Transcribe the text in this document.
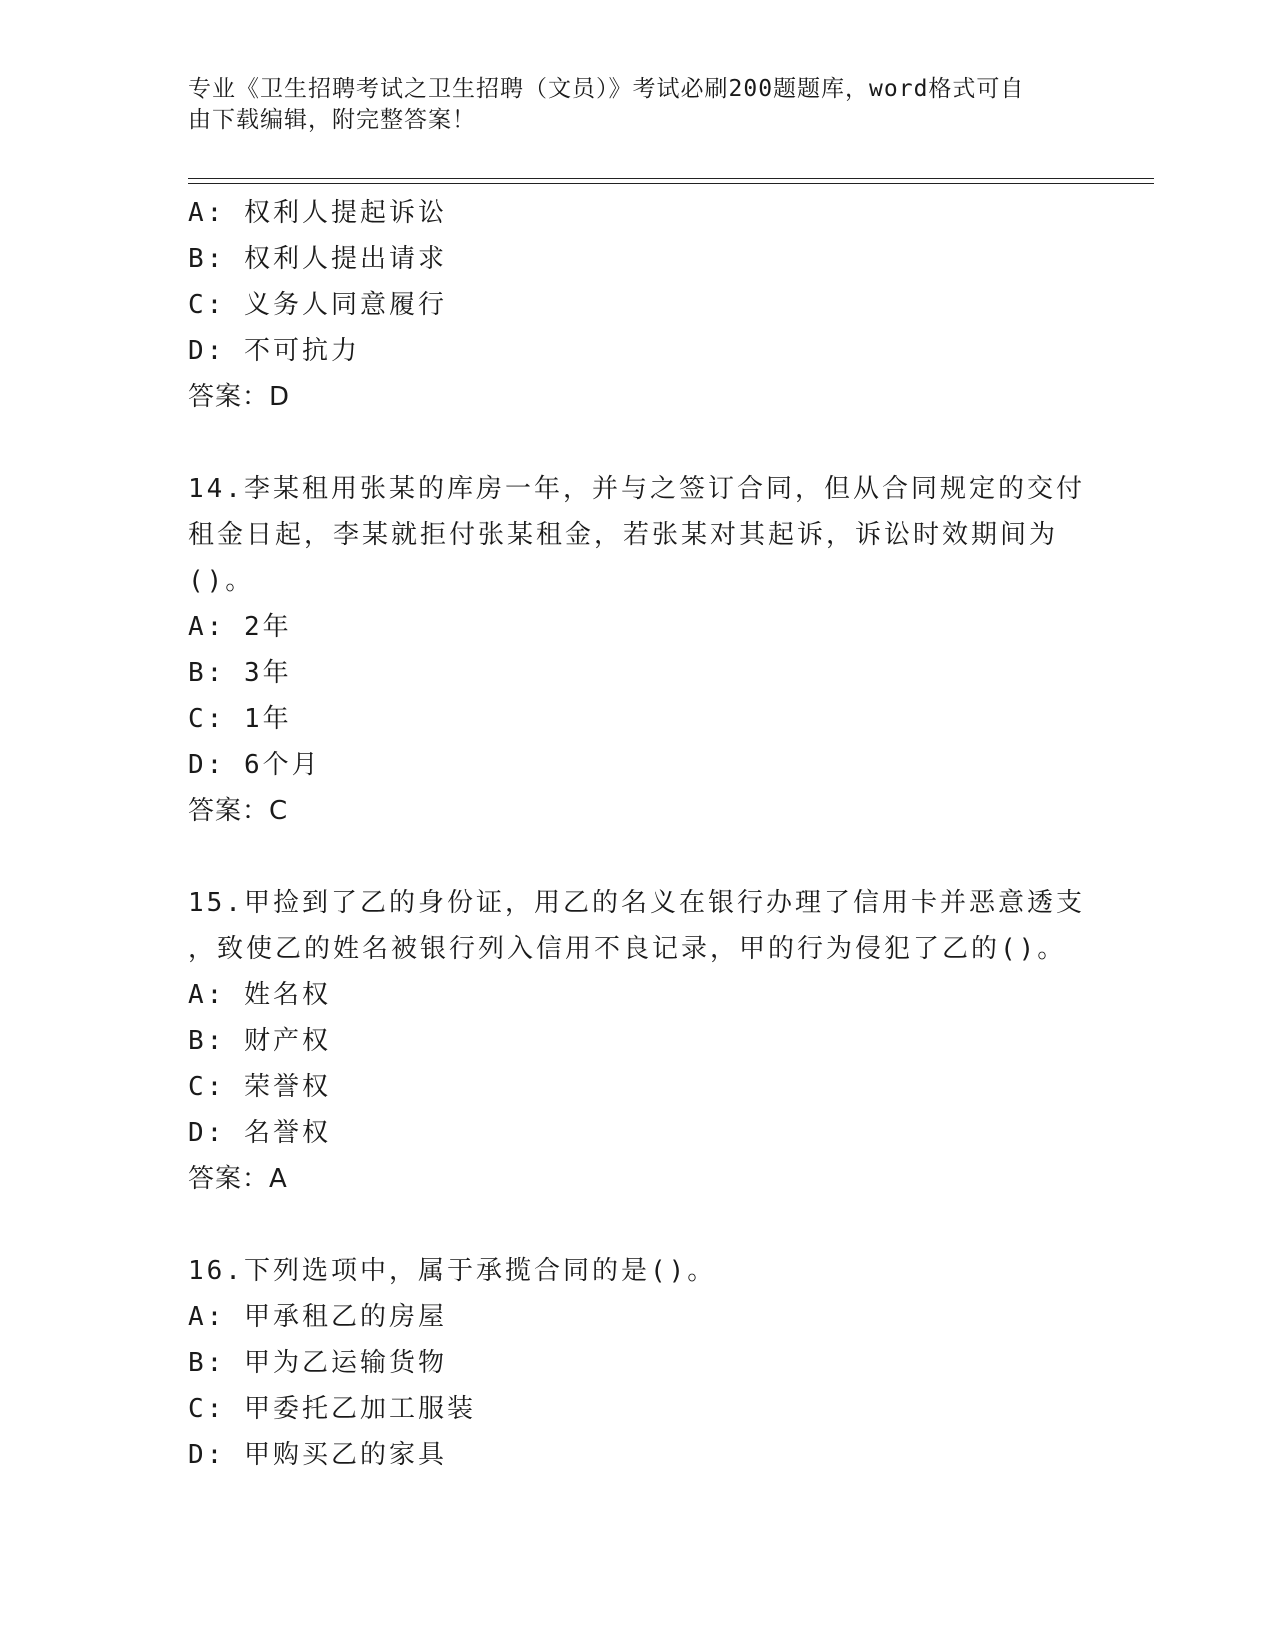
专业《卫生招聘考试之卫生招聘（文员）》考试必刷200题题库，word格式可自
由下载编辑，附完整答案！
A: 权利人提起诉讼
B: 权利人提出请求
C: 义务人同意履行
D: 不可抗力
答案：D
14.李某租用张某的库房一年，并与之签订合同，但从合同规定的交付
租金日起，李某就拒付张某租金，若张某对其起诉，诉讼时效期间为
()。
A: 2年
B: 3年
C: 1年
D: 6个月
答案：C
15.甲捡到了乙的身份证，用乙的名义在银行办理了信用卡并恶意透支
，致使乙的姓名被银行列入信用不良记录，甲的行为侵犯了乙的()。
A: 姓名权
B: 财产权
C: 荣誉权
D: 名誉权
答案：A
16.下列选项中，属于承揽合同的是()。
A: 甲承租乙的房屋
B: 甲为乙运输货物
C: 甲委托乙加工服装
D: 甲购买乙的家具
